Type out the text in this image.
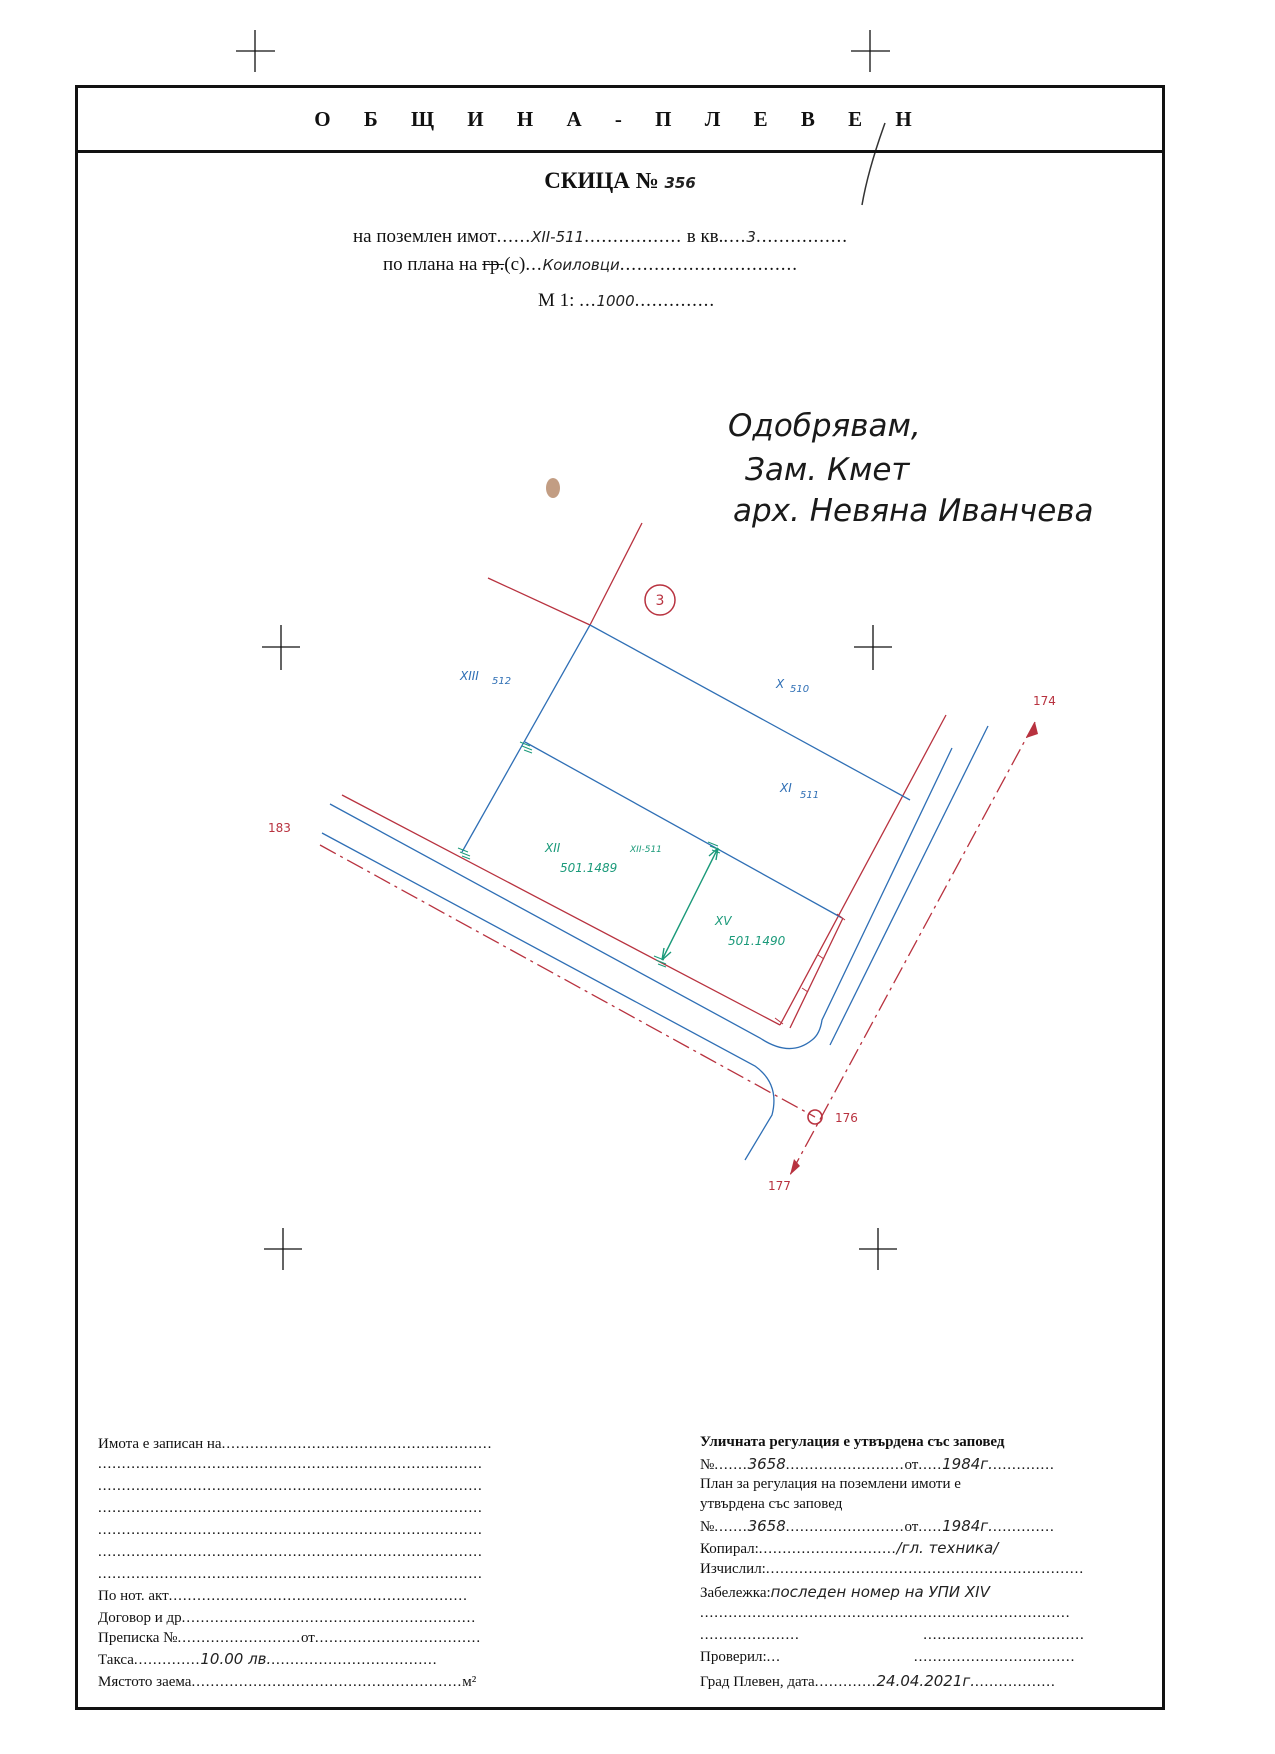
3
XIII 512	X 510
XI
511
XII	XII-511
501.1489
XV
501.1490
183
174
176
177
О Б Щ И Н А - П Л Е В Е Н
СКИЦА № 356
на поземлен имот......XII-511................. в кв.....3................
по плана на гр.(с)...Коиловци...............................
М 1: ...1000..............
Одобрявам,
Зам. Кмет
арх. Невяна Иванчева
Имота е записан на.........................................................
.................................................................................
.................................................................................
.................................................................................
.................................................................................
.................................................................................
.................................................................................
По нот. акт...............................................................
Договор и др..............................................................
Преписка №..........................от...................................
Такса..............10.00 лв....................................
Мястото заема.........................................................м²
Уличната регулация е утвърдена със заповед
№.......3658.........................от.....1984г..............
План за регулация на поземлени имоти е
утвърдена със заповед
№.......3658.........................от.....1984г..............
Копирал:............................./гл. техника/
Изчислил:...................................................................
Забележка:последен номер на УПИ XIV
..............................................................................
.....................                          ..................................
Проверил:...                            ..................................
Град Плевен, дата.............24.04.2021г..................
